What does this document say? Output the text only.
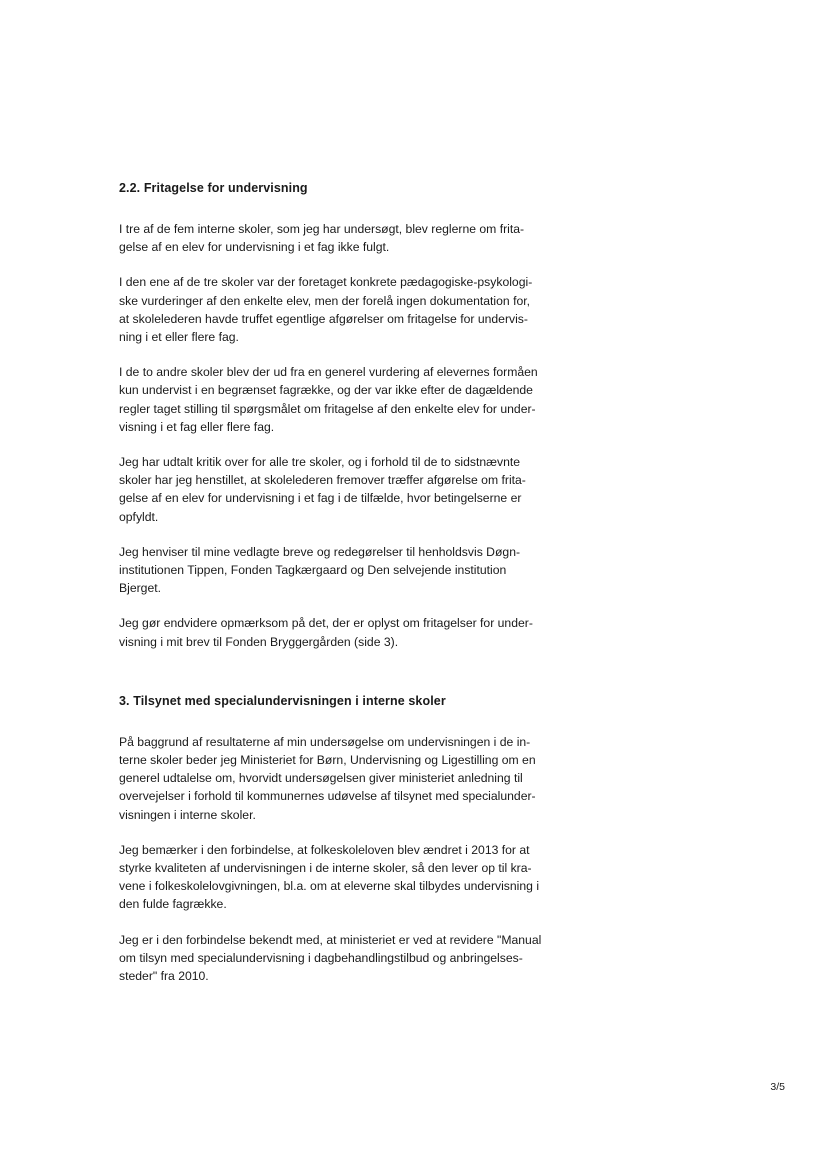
2.2. Fritagelse for undervisning
I tre af de fem interne skoler, som jeg har undersøgt, blev reglerne om frita-
gelse af en elev for undervisning i et fag ikke fulgt.
I den ene af de tre skoler var der foretaget konkrete pædagogiske-psykologi-
ske vurderinger af den enkelte elev, men der forelå ingen dokumentation for,
at skolelederen havde truffet egentlige afgørelser om fritagelse for undervis-
ning i et eller flere fag.
I de to andre skoler blev der ud fra en generel vurdering af elevernes formåen
kun undervist i en begrænset fagrække, og der var ikke efter de dagældende
regler taget stilling til spørgsmålet om fritagelse af den enkelte elev for under-
visning i et fag eller flere fag.
Jeg har udtalt kritik over for alle tre skoler, og i forhold til de to sidstnævnte
skoler har jeg henstillet, at skolelederen fremover træffer afgørelse om frita-
gelse af en elev for undervisning i et fag i de tilfælde, hvor betingelserne er
opfyldt.
Jeg henviser til mine vedlagte breve og redegørelser til henholdsvis Døgn-
institutionen Tippen, Fonden Tagkærgaard og Den selvejende institution
Bjerget.
Jeg gør endvidere opmærksom på det, der er oplyst om fritagelser for under-
visning i mit brev til Fonden Bryggergården (side 3).
3. Tilsynet med specialundervisningen i interne skoler
På baggrund af resultaterne af min undersøgelse om undervisningen i de in-
terne skoler beder jeg Ministeriet for Børn, Undervisning og Ligestilling om en
generel udtalelse om, hvorvidt undersøgelsen giver ministeriet anledning til
overvejelser i forhold til kommunernes udøvelse af tilsynet med specialunder-
visningen i interne skoler.
Jeg bemærker i den forbindelse, at folkeskoleloven blev ændret i 2013 for at
styrke kvaliteten af undervisningen i de interne skoler, så den lever op til kra-
vene i folkeskolelovgivningen, bl.a. om at eleverne skal tilbydes undervisning i
den fulde fagrække.
Jeg er i den forbindelse bekendt med, at ministeriet er ved at revidere "Manual
om tilsyn med specialundervisning i dagbehandlingstilbud og anbringelses-
steder" fra 2010.
3/5
